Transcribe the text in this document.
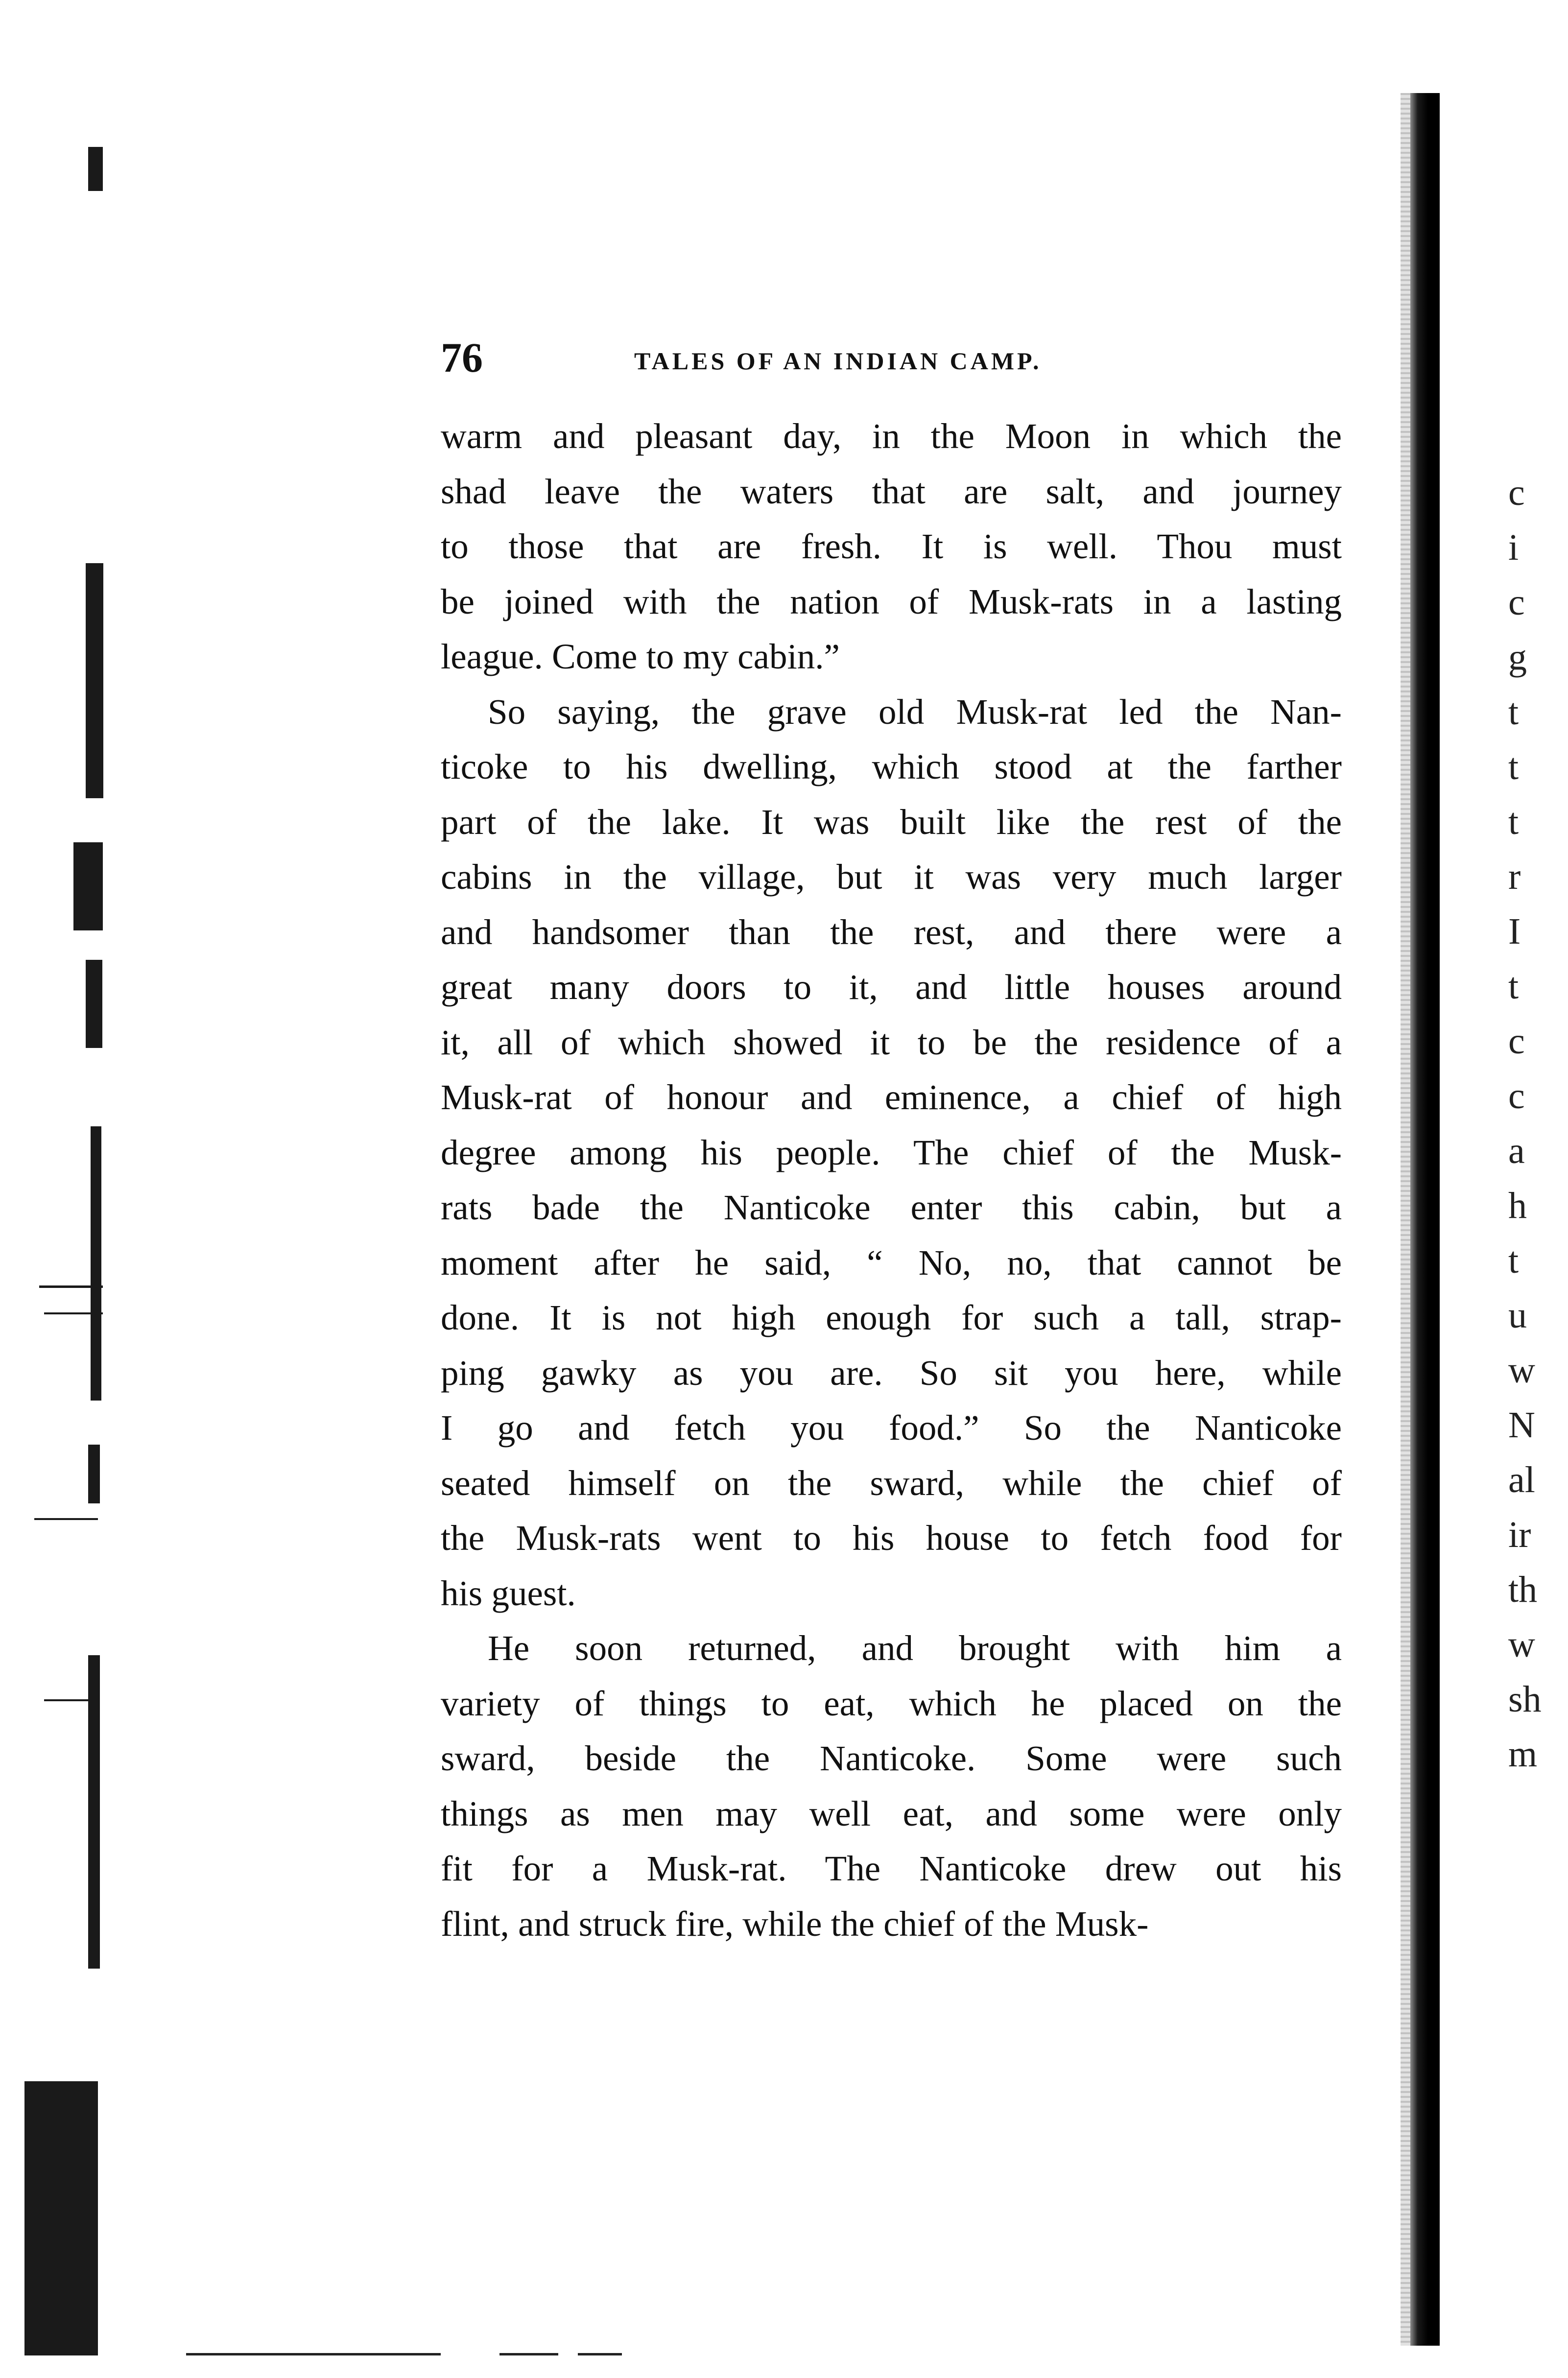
c
i
c
g
t
t
t
r
I
t
c
c
a
h
t
u
w
N
al
ir
th
w
sh
m
76	TALES OF AN INDIAN CAMP.

warm and pleasant day, in the Moon in which the
shad leave the waters that are salt, and journey
to those that are fresh. It is well. Thou must
be joined with the nation of Musk-rats in a lasting
league. Come to my cabin.”

So saying, the grave old Musk-rat led the Nan-
ticoke to his dwelling, which stood at the farther
part of the lake. It was built like the rest of the
cabins in the village, but it was very much larger
and handsomer than the rest, and there were a
great many doors to it, and little houses around
it, all of which showed it to be the residence of a
Musk-rat of honour and eminence, a chief of high
degree among his people. The chief of the Musk-
rats bade the Nanticoke enter this cabin, but a
moment after he said, “ No, no, that cannot be
done. It is not high enough for such a tall, strap-
ping gawky as you are. So sit you here, while
I go and fetch you food.” So the Nanticoke
seated himself on the sward, while the chief of
the Musk-rats went to his house to fetch food for
his guest.

He soon returned, and brought with him a
variety of things to eat, which he placed on the
sward, beside the Nanticoke. Some were such
things as men may well eat, and some were only
fit for a Musk-rat. The Nanticoke drew out his
flint, and struck fire, while the chief of the Musk-
